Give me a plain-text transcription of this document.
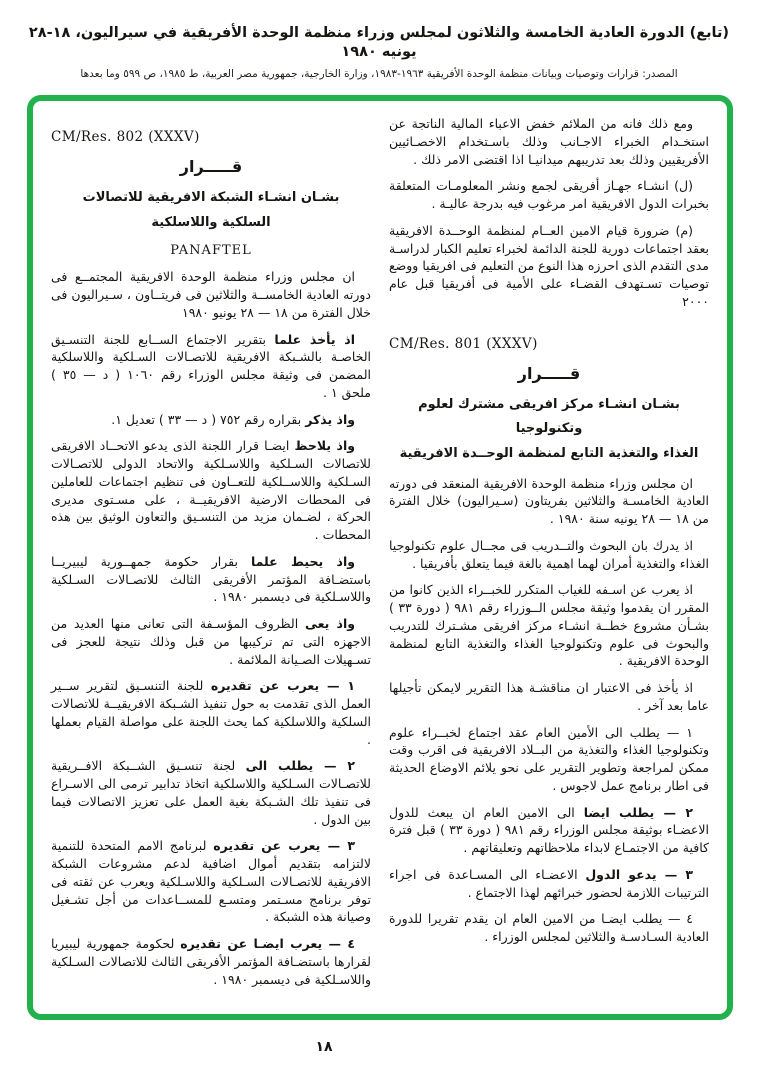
(تابع) الدورة العادية الخامسة والثلاثون لمجلس وزراء منظمة الوحدة الأفريقية في سيراليون، ١٨-٢٨ يونيه ١٩٨٠
المصدر: قرارات وتوصيات وبيانات منظمة الوحدة الأفريقية ١٩٦٣-١٩٨٣، وزارة الخارجية، جمهورية مصر العربية، ط ١٩٨٥، ص ٥٩٩ وما بعدها

ومع ذلك فانه من الملائم خفض الاعباء المالية الناتجة عن استخـدام الخبراء الاجـانب وذلك باسـتخدام الاخصـائيين الأفريقيين وذلك بعد تدريبهم ميدانيـا اذا اقتضى الامر ذلك .

(ل) انشـاء جهـاز أفريقى لجمع ونشر المعلومـات المتعلقة بخبرات الدول الافريقية امر مرغوب فيه بدرجة عاليـة .

(م) ضرورة قيام الامين العــام لمنظمة الوحــدة الافريقية بعقد اجتماعات دورية للجنة الدائمة لخبراء تعليم الكبار لدراسـة مدى التقدم الذى احرزه هذا النوع من التعليم فى افريقيا ووضع توصيات تسـتهدف القضـاء على الأمية فى أفريقيا قبل عام ٢٠٠٠

CM/Res. 801 (XXXV)
قـــــرار
بشـان انشـاء مركز افريقى مشترك لعلوم وتكنولوجيا
الغذاء والتغذية التابع لمنظمة الوحــدة الافريقية

ان مجلس وزراء منظمة الوحدة الافريقية المنعقد فى دورته العادية الخامسـة والثلاثين بفريتاون (سـيراليون) خلال الفترة من ١٨ — ٢٨ يونيه سنة ١٩٨٠ .

اذ يدرك بان البحوث والتــدريب فى مجــال علوم تكنولوجيا الغذاء والتغذية أمران لهما اهمية بالغة فيما يتعلق بأفريقيا .

اذ يعرب عن اسـفه للغياب المتكرر للخبــراء الذين كانوا من المقرر ان يقدموا وثيقة مجلس الــوزراء رقم ٩٨١ ( دورة ٣٣ ) بشـأن مشروع خطــة انشـاء مركز افريقى مشـترك للتدريب والبحوث فى علوم وتكنولوجيا الغذاء والتغذية التابع لمنظمة الوحدة الافريقية .

اذ يأخذ فى الاعتبار ان مناقشـة هذا التقرير لايمكن تأجيلها عاما بعد آخر .

١ — يطلب الى الأمين العام عقد اجتماع لخبــراء علوم وتكنولوجيا الغذاء والتغذية من البــلاد الافريقية فى اقرب وقت ممكن لمراجعة وتطوير التقرير على نحو يلائم الاوضاع الحديثة فى اطار برنامج عمل لاجوس .

٢ — يطلب ايضا الى الامين العام ان يبعث للدول الاعضـاء بوثيقة مجلس الوزراء رقم ٩٨١ ( دورة ٣٣ ) قبل فترة كافية من الاجتمـاع لابداء ملاحظاتهم وتعليقاتهم .

٣ — يدعو الدول الاعضـاء الى المسـاعدة فى اجراء الترتيبات اللازمة لحضور خبرائهم لهذا الاجتماع .

٤ — يطلب ايضـا من الامين العام ان يقدم تقريرا للدورة العادية السـادسـة والثلاثين لمجلس الوزراء .

CM/Res. 802 (XXXV)
قـــــرار
بشـان انشـاء الشبكة الافريقية للاتصالات
السلكية واللاسلكية
PANAFTEL

ان مجلس وزراء منظمة الوحدة الافريقية المجتمــع فى دورته العادية الخامســة والثلاثين فى فريتــاون ، سـيراليون فى خلال الفترة من ١٨ — ٢٨ يونيو ١٩٨٠

اذ يأخذ علما بتقرير الاجتماع الســابع للجنة التنسـيق الخاصـة بالشـبكة الافريقية للاتصـالات السـلكية واللاسلكية المضمن فى وثيقة مجلس الوزراء رقم ١٠٦٠ ( د — ٣٥ ) ملحق ١ .

واذ يذكر بقراره رقم ٧٥٢ ( د — ٣٣ ) تعديل ١.

واذ يلاحظ ايضـا قرار اللجنة الذى يدعو الاتحــاد الافريقى للاتصالات السـلكية واللاسـلكية والاتحاد الدولى للاتصـالات السـلكية واللاســلكية للتعــاون فى تنظيم اجتماعات للعاملين فى المحطات الارضية الافريقيــة ، على مسـتوى مديرى الحركة ، لضـمان مزيد من التنسـيق والتعاون الوثيق بين هذه المحطات .

واذ يحيط علما بقرار حكومة جمهــورية ليبيريــا باستضـافة المؤتمر الأفريقى الثالث للاتصـالات السـلكية واللاسـلكية فى ديسمبر ١٩٨٠ .

واذ يعى الظروف المؤسـفة التى تعانى منها العديد من الاجهزه التى تم تركيبها من قبل وذلك نتيجة للعجز فى تسـهيلات الصـيانة الملائمة .

١ — يعرب عن تقديره للجنة التنسـيق لتقرير ســير العمل الذى تقدمت به حول تنفيذ الشـبكة الافريقيــة للاتصالات السلكية واللاسلكية كما يحث اللجنة على مواصلة القيام بعملها .

٢ — يطلب الى لجنة تنسـيق الشــبكة الافــريقية للاتصـالات السـلكية واللاسلكية اتخاذ تدابير ترمى الى الاسـراع فى تنفيذ تلك الشـبكة بغية العمل على تعزيز الاتصالات فيما بين الدول .

٣ — يعرب عن تقديره لبرنامج الامم المتحدة للتنمية لالتزامه بتقديم أموال اضافية لدعم مشروعات الشبكة الافريقية للاتصـالات السـلكية واللاسـلكية ويعرب عن ثقته فى توفر برنامج مسـتمر ومتسـع للمســاعدات من أجل تشـغيل وصيانة هذه الشبكة .

٤ — يعرب ايضـا عن تقديره لحكومة جمهورية ليبيريا لقرارها باستضـافة المؤتمر الأفريقى الثالث للاتصالات السـلكية واللاسـلكية فى ديسمبر ١٩٨٠ .

١٨
